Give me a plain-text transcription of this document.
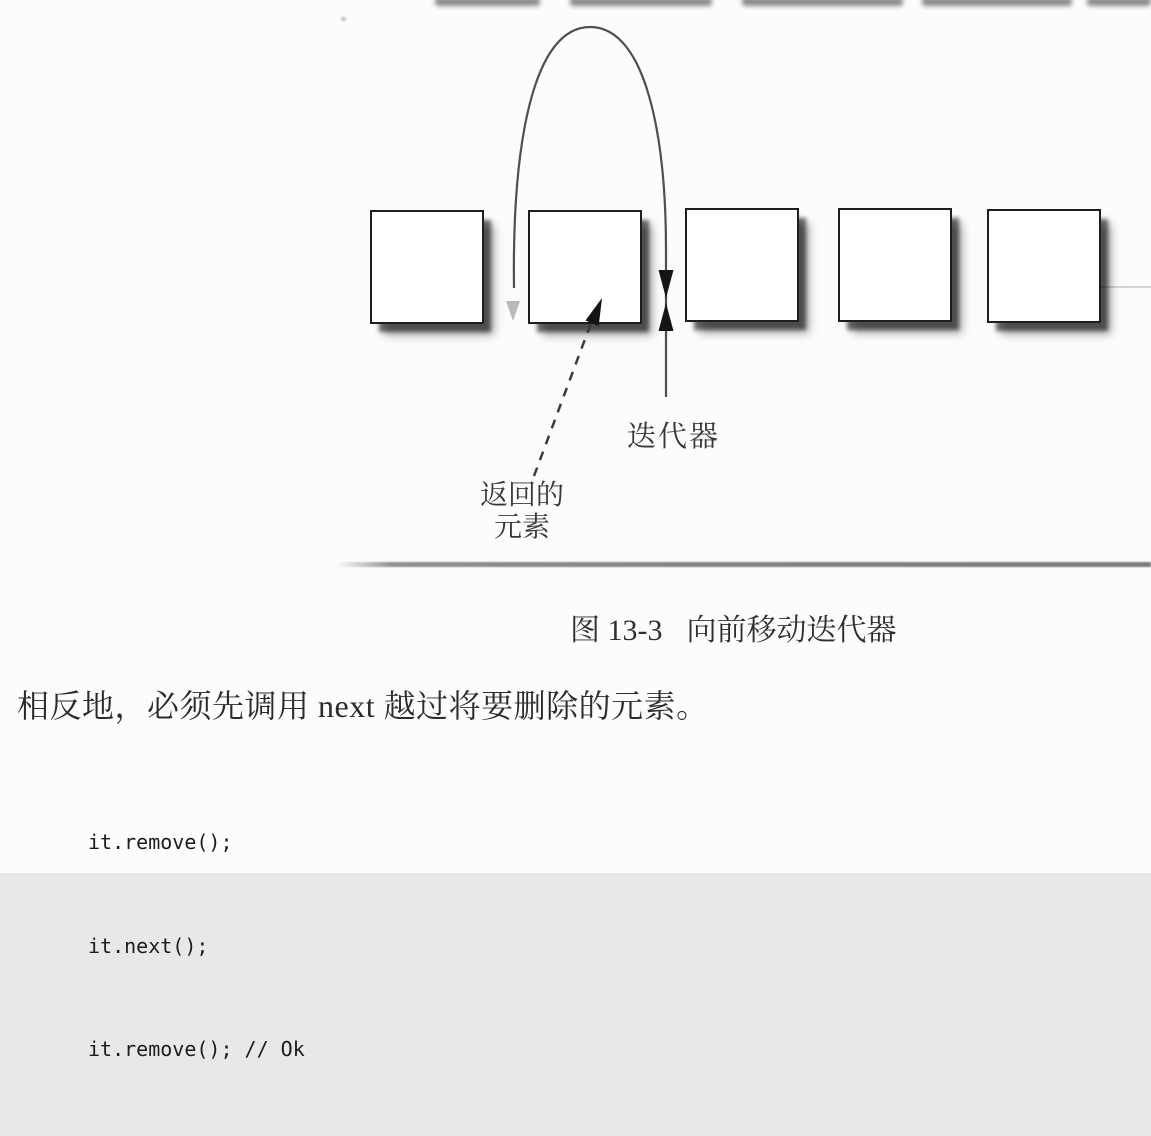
迭代器
返回的
元素
图 13-3 向前移动迭代器
相反地，必须先调用 next 越过将要删除的元素。

it.remove();

it.next();

it.remove(); // Ok
